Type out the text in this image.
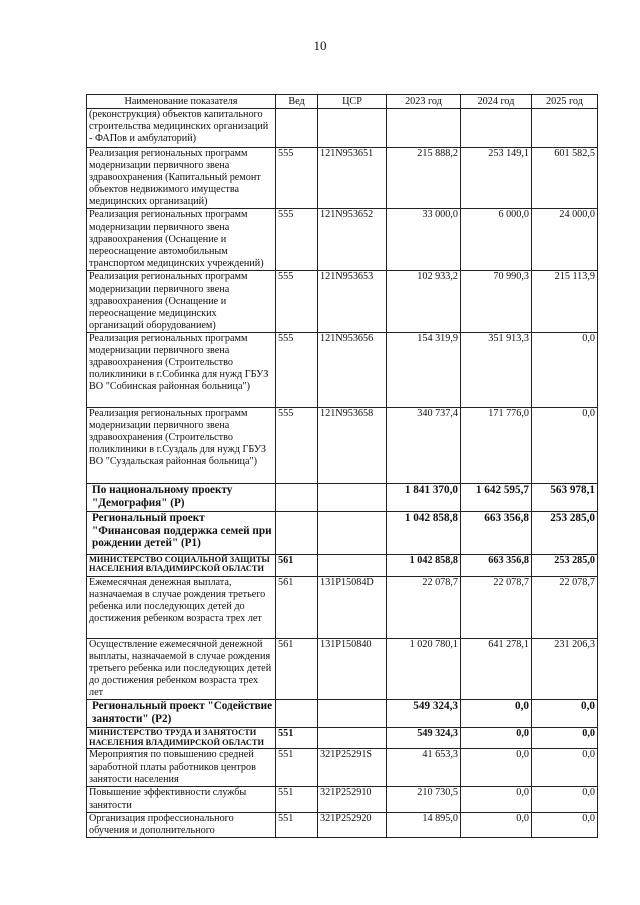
10
Наименование показателя	Вед	ЦСР	2023 год	2024 год	2025 год
(реконструкция) объектов капитального строительства медицинских организаций - ФАПов и амбулаторий)					
Реализация региональных программ модернизации первичного звена здравоохранения (Капитальный ремонт объектов недвижимого имущества медицинских организаций)	555	121N953651	215 888,2	253 149,1	601 582,5
Реализация региональных программ модернизации первичного звена здравоохранения (Оснащение и переоснащение автомобильным транспортом медицинских учреждений)	555	121N953652	33 000,0	6 000,0	24 000,0
Реализация региональных программ модернизации первичного звена здравоохранения (Оснащение и переоснащение медицинских организаций оборудованием)	555	121N953653	102 933,2	70 990,3	215 113,9
Реализация региональных программ модернизации первичного звена здравоохранения (Строительство поликлиники в г.Собинка для нужд ГБУЗ ВО "Собинская районная больница")	555	121N953656	154 319,9	351 913,3	0,0
Реализация региональных программ модернизации первичного звена здравоохранения (Строительство поликлиники в г.Суздаль для нужд ГБУЗ ВО "Суздальская районная больница")	555	121N953658	340 737,4	171 776,0	0,0
По национальному проекту "Демография" (Р)			1 841 370,0	1 642 595,7	563 978,1
Региональный проект "Финансовая поддержка семей при рождении детей" (Р1)			1 042 858,8	663 356,8	253 285,0
МИНИСТЕРСТВО СОЦИАЛЬНОЙ ЗАЩИТЫ НАСЕЛЕНИЯ ВЛАДИМИРСКОЙ ОБЛАСТИ	561		1 042 858,8	663 356,8	253 285,0
Ежемесячная денежная выплата, назначаемая в случае рождения третьего ребенка или последующих детей до достижения ребенком возраста трех лет	561	131P15084D	22 078,7	22 078,7	22 078,7
Осуществление ежемесячной денежной выплаты, назначаемой в случае рождения третьего ребенка или последующих детей до достижения ребенком возраста трех лет	561	131P150840	1 020 780,1	641 278,1	231 206,3
Региональный проект "Содействие занятости" (Р2)			549 324,3	0,0	0,0
МИНИСТЕРСТВО ТРУДА И ЗАНЯТОСТИ НАСЕЛЕНИЯ ВЛАДИМИРСКОЙ ОБЛАСТИ	551		549 324,3	0,0	0,0
Мероприятия по повышению средней заработной платы работников центров занятости населения	551	321P25291S	41 653,3	0,0	0,0
Повышение эффективности службы занятости	551	321P252910	210 730,5	0,0	0,0
Организация профессионального обучения и дополнительного	551	321P252920	14 895,0	0,0	0,0
